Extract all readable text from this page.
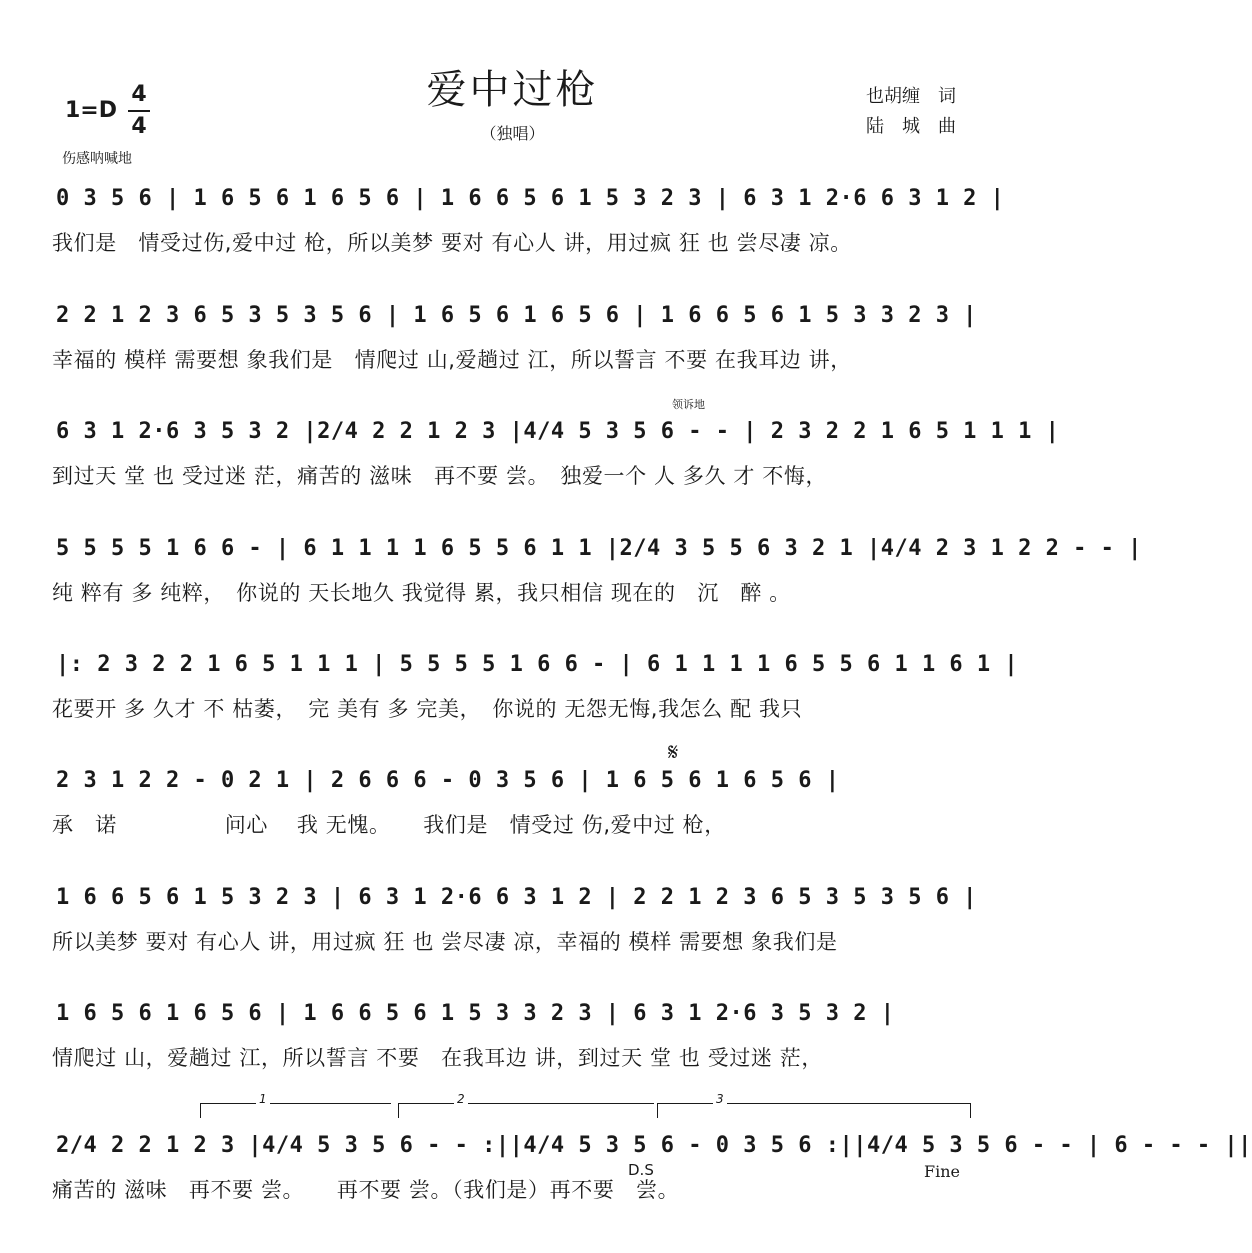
爱中过枪
（独唱）
1=D
4
4
伤感呐喊地
也胡缠　词
陆　城　曲
0 3 5 6 | 1 6 5 6 1 6 5 6 | 1 6 6 5 6 1 5 3 2 3 | 6 3 1 2·6 6 3 1 2 |
我们是　情受过伤,爱中过 枪，所以美梦 要对 有心人 讲，用过疯 狂 也 尝尽凄 凉。
2 2 1 2 3 6 5 3 5 3 5 6 | 1 6 5 6 1 6 5 6 | 1 6 6 5 6 1 5 3 3 2 3 |
幸福的 模样 需要想 象我们是　情爬过 山,爱趟过 江，所以誓言 不要 在我耳边 讲，
6 3 1 2·6 3 5 3 2 |2/4 2 2 1 2 3 |4/4 5 3 5 6 - - | 2 3 2 2 1 6 5 1 1 1 |
到过天 堂 也 受过迷 茫，痛苦的 滋味　再不要 尝。　独爱一个 人 多久 才 不悔，
5 5 5 5 1 6 6 - | 6 1 1 1 1 6 5 5 6 1 1 |2/4 3 5 5 6 3 2 1 |4/4 2 3 1 2 2 - - |
纯 粹有 多 纯粹，　你说的 天长地久 我觉得 累，我只相信 现在的　沉　醉 。
|: 2 3 2 2 1 6 5 1 1 1 | 5 5 5 5 1 6 6 - | 6 1 1 1 1 6 5 5 6 1 1 6 1 |
花要开 多 久才 不 枯萎，　完 美有 多 完美，　你说的 无怨无悔,我怎么 配 我只
2 3 1 2 2 - 0 2 1 | 2 6 6 6 - 0 3 5 6 | 1 6 5 6 1 6 5 6 |
承　诺　　　　　问心　 我 无愧。　　我们是　情受过 伤,爱中过 枪，
1 6 6 5 6 1 5 3 2 3 | 6 3 1 2·6 6 3 1 2 | 2 2 1 2 3 6 5 3 5 3 5 6 |
所以美梦 要对 有心人 讲，用过疯 狂 也 尝尽凄 凉，幸福的 模样 需要想 象我们是
1 6 5 6 1 6 5 6 | 1 6 6 5 6 1 5 3 3 2 3 | 6 3 1 2·6 3 5 3 2 |
情爬过 山，爱趟过 江，所以誓言 不要　在我耳边 讲，到过天 堂 也 受过迷 茫，
2/4 2 2 1 2 3 |4/4 5 3 5 6 - - :||4/4 5 3 5 6 - 0 3 5 6 :||4/4 5 3 5 6 - - | 6 - - - ||
痛苦的 滋味　再不要 尝。　　再不要 尝。（我们是）再不要　尝。
领诉地
𝄋
1	2	3
D.S	Fine
